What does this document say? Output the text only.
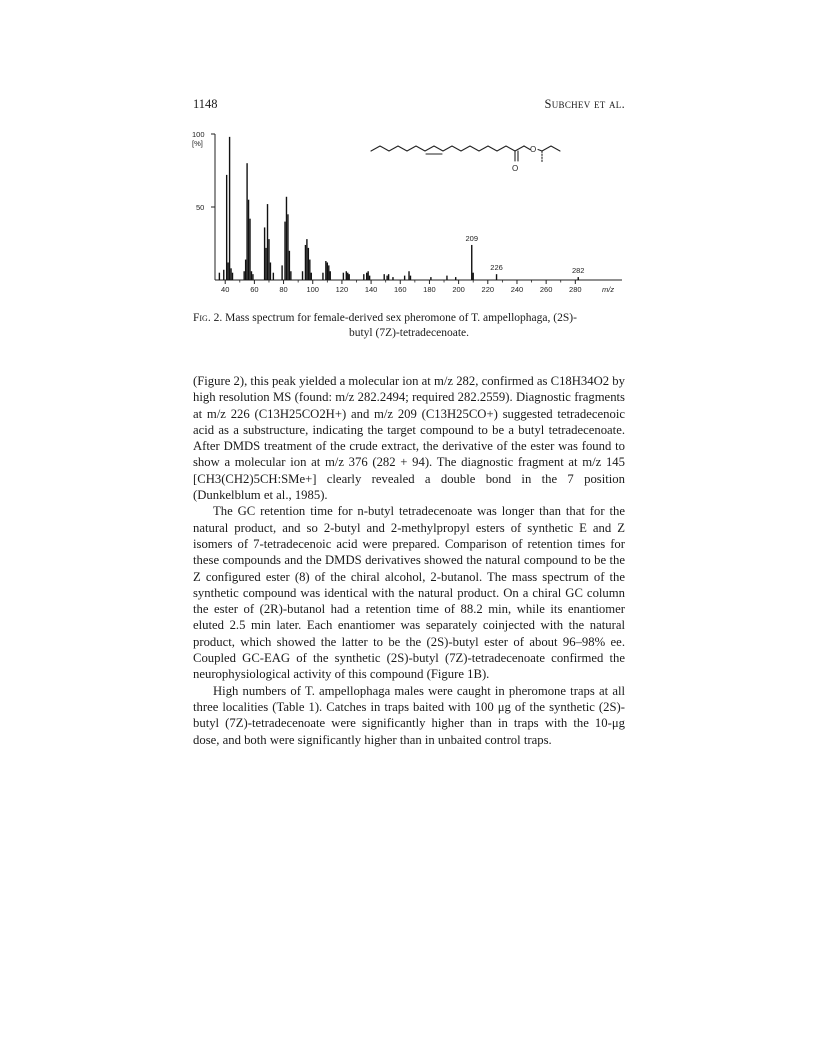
1148	Subchev et al.
100
[%]
50
40	60	80 100 120 140 160 180 200 220 240 260 280	m/z
209
226	282
O
O
Fig. 2. Mass spectrum for female-derived sex pheromone of T. ampellophaga, (2S)-
butyl (7Z)-tetradecenoate.

(Figure 2), this peak yielded a molecular ion at m/z 282, confirmed as C18H34O2 by high resolution MS (found: m/z 282.2494; required 282.2559). Diagnostic fragments at m/z 226 (C13H25CO2H+) and m/z 209 (C13H25CO+) suggested tetradecenoic acid as a substructure, indicating the target compound to be a butyl tetradecenoate. After DMDS treatment of the crude extract, the derivative of the ester was found to show a molecular ion at m/z 376 (282 + 94). The diagnostic fragment at m/z 145 [CH3(CH2)5CH:SMe+] clearly revealed a double bond in the 7 position (Dunkelblum et al., 1985).

The GC retention time for n-butyl tetradecenoate was longer than that for the natural product, and so 2-butyl and 2-methylpropyl esters of synthetic E and Z isomers of 7-tetradecenoic acid were prepared. Comparison of retention times for these compounds and the DMDS derivatives showed the natural compound to be the Z configured ester (8) of the chiral alcohol, 2-butanol. The mass spectrum of the synthetic compound was identical with the natural product. On a chiral GC column the ester of (2R)-butanol had a retention time of 88.2 min, while its enantiomer eluted 2.5 min later. Each enantiomer was separately coinjected with the natural product, which showed the latter to be the (2S)-butyl ester of about 96–98% ee. Coupled GC-EAG of the synthetic (2S)-butyl (7Z)-tetradecenoate confirmed the neurophysiological activity of this compound (Figure 1B).

High numbers of T. ampellophaga males were caught in pheromone traps at all three localities (Table 1). Catches in traps baited with 100 μg of the synthetic (2S)-butyl (7Z)-tetradecenoate were significantly higher than in traps with the 10-μg dose, and both were significantly higher than in unbaited control traps.
